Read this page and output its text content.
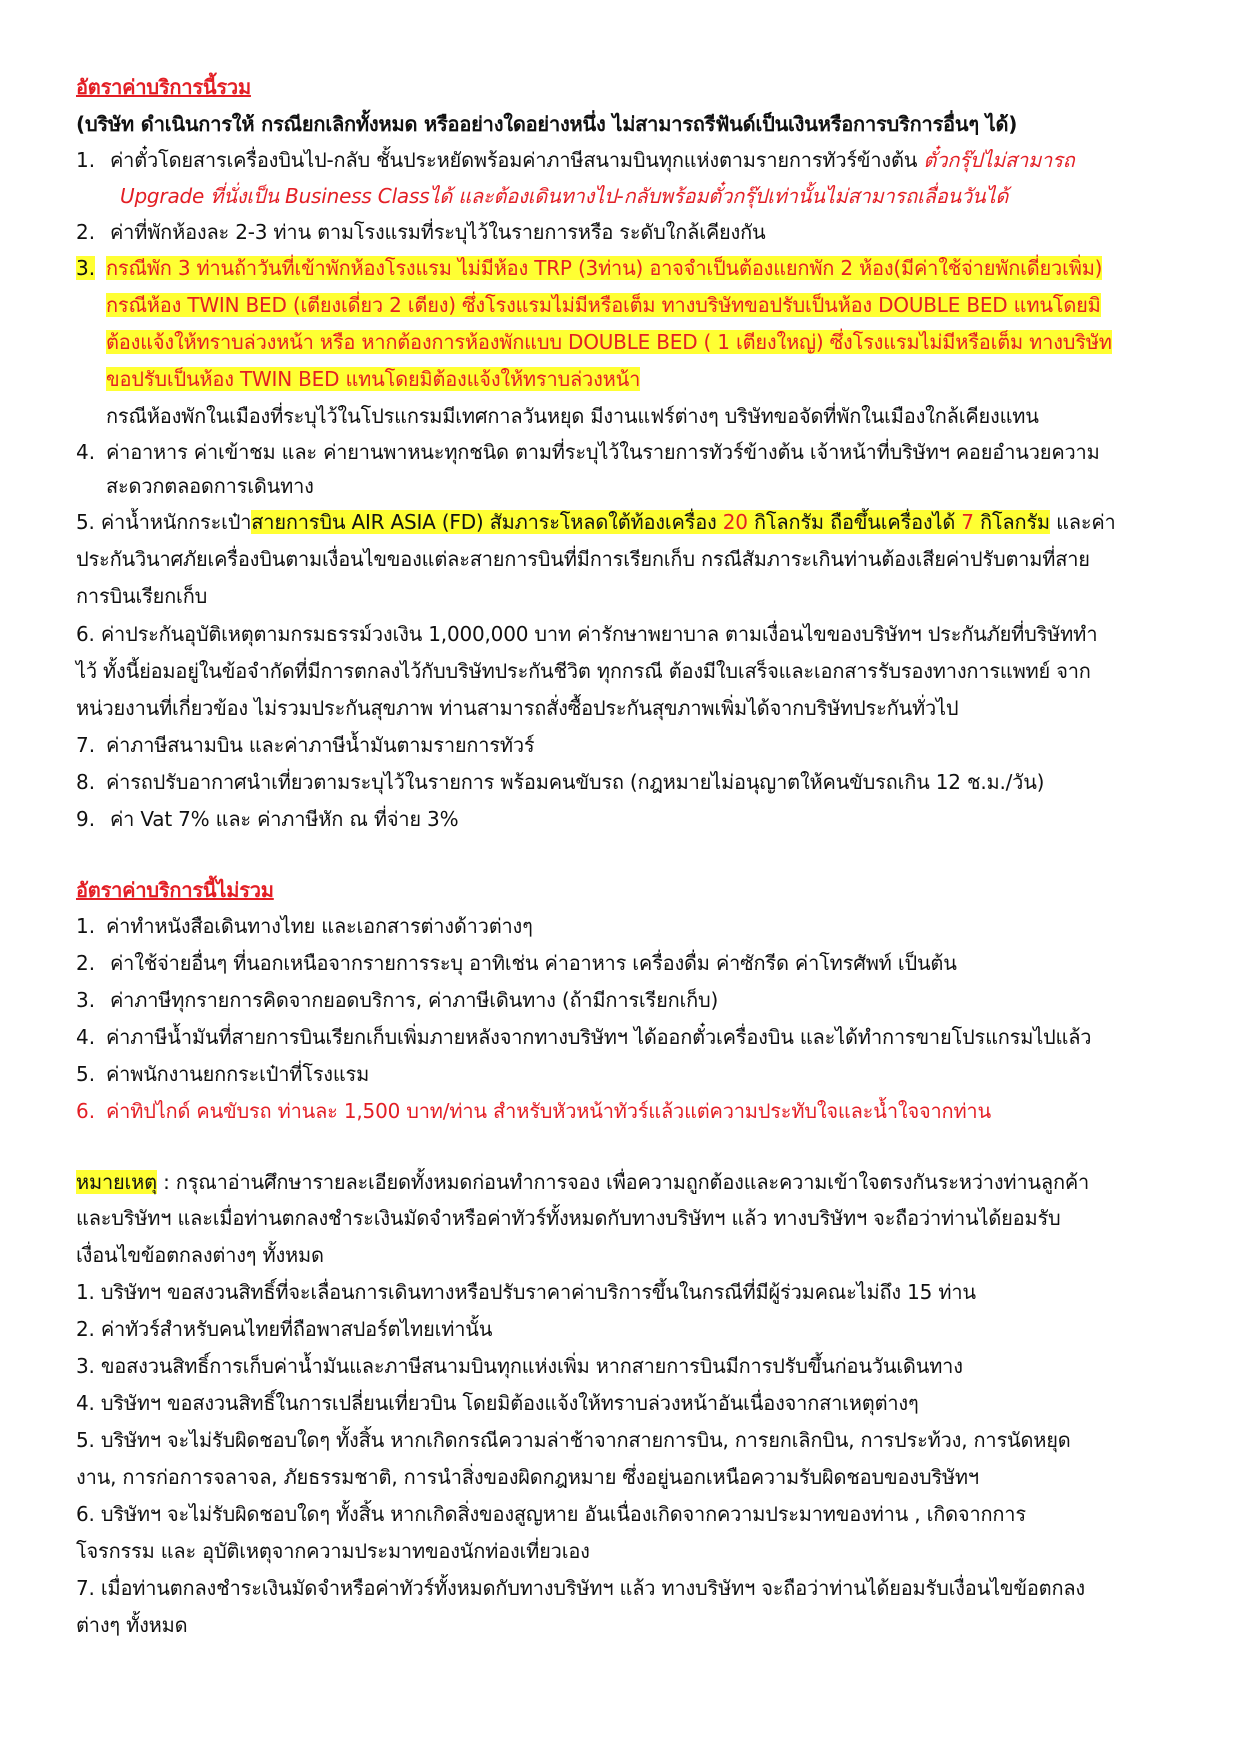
อัตราค่าบริการนี้รวม
(บริษัท ดำเนินการให้ กรณียกเลิกทั้งหมด หรืออย่างใดอย่างหนึ่ง ไม่สามารถรีฟันด์เป็นเงินหรือการบริการอื่นๆ ได้)
1. ค่าตั๋วโดยสารเครื่องบินไป-กลับ ชั้นประหยัดพร้อมค่าภาษีสนามบินทุกแห่งตามรายการทัวร์ข้างต้น ตั๋วกรุ๊ปไม่สามารถ
Upgrade ที่นั่งเป็น Business Classได้ และต้องเดินทางไป-กลับพร้อมตั๋วกรุ๊ปเท่านั้นไม่สามารถเลื่อนวันได้
2. ค่าที่พักห้องละ 2-3 ท่าน ตามโรงแรมที่ระบุไว้ในรายการหรือ ระดับใกล้เคียงกัน
3. กรณีพัก 3 ท่านถ้าวันที่เข้าพักห้องโรงแรม ไม่มีห้อง TRP (3ท่าน) อาจจำเป็นต้องแยกพัก 2 ห้อง(มีค่าใช้จ่ายพักเดี่ยวเพิ่ม)
กรณีห้อง TWIN BED (เตียงเดี่ยว 2 เตียง) ซึ่งโรงแรมไม่มีหรือเต็ม ทางบริษัทขอปรับเป็นห้อง DOUBLE BED แทนโดยมิ
ต้องแจ้งให้ทราบล่วงหน้า หรือ หากต้องการห้องพักแบบ DOUBLE BED ( 1 เตียงใหญ่) ซึ่งโรงแรมไม่มีหรือเต็ม ทางบริษัท
ขอปรับเป็นห้อง TWIN BED แทนโดยมิต้องแจ้งให้ทราบล่วงหน้า
กรณีห้องพักในเมืองที่ระบุไว้ในโปรแกรมมีเทศกาลวันหยุด มีงานแฟร์ต่างๆ บริษัทขอจัดที่พักในเมืองใกล้เคียงแทน
4. ค่าอาหาร ค่าเข้าชม และ ค่ายานพาหนะทุกชนิด ตามที่ระบุไว้ในรายการทัวร์ข้างต้น เจ้าหน้าที่บริษัทฯ คอยอำนวยความ
สะดวกตลอดการเดินทาง
5. ค่าน้ำหนักกระเป๋าสายการบิน AIR ASIA (FD) สัมภาระโหลดใต้ท้องเครื่อง 20 กิโลกรัม ถือขึ้นเครื่องได้ 7 กิโลกรัม และค่า
ประกันวินาศภัยเครื่องบินตามเงื่อนไขของแต่ละสายการบินที่มีการเรียกเก็บ กรณีสัมภาระเกินท่านต้องเสียค่าปรับตามที่สาย
การบินเรียกเก็บ
6. ค่าประกันอุบัติเหตุตามกรมธรรม์วงเงิน 1,000,000 บาท ค่ารักษาพยาบาล ตามเงื่อนไขของบริษัทฯ ประกันภัยที่บริษัททำ
ไว้ ทั้งนี้ย่อมอยู่ในข้อจำกัดที่มีการตกลงไว้กับบริษัทประกันชีวิต ทุกกรณี ต้องมีใบเสร็จและเอกสารรับรองทางการแพทย์ จาก
หน่วยงานที่เกี่ยวข้อง ไม่รวมประกันสุขภาพ ท่านสามารถสั่งซื้อประกันสุขภาพเพิ่มได้จากบริษัทประกันทั่วไป
7. ค่าภาษีสนามบิน และค่าภาษีน้ำมันตามรายการทัวร์
8. ค่ารถปรับอากาศนำเที่ยวตามระบุไว้ในรายการ พร้อมคนขับรถ (กฎหมายไม่อนุญาตให้คนขับรถเกิน 12 ช.ม./วัน)
9. ค่า Vat 7% และ ค่าภาษีหัก ณ ที่จ่าย 3%
อัตราค่าบริการนี้ไม่รวม
1. ค่าทำหนังสือเดินทางไทย และเอกสารต่างด้าวต่างๆ
2. ค่าใช้จ่ายอื่นๆ ที่นอกเหนือจากรายการระบุ อาทิเช่น ค่าอาหาร เครื่องดื่ม ค่าซักรีด ค่าโทรศัพท์ เป็นต้น
3. ค่าภาษีทุกรายการคิดจากยอดบริการ, ค่าภาษีเดินทาง (ถ้ามีการเรียกเก็บ)
4. ค่าภาษีน้ำมันที่สายการบินเรียกเก็บเพิ่มภายหลังจากทางบริษัทฯ ได้ออกตั๋วเครื่องบิน และได้ทำการขายโปรแกรมไปแล้ว
5. ค่าพนักงานยกกระเป๋าที่โรงแรม
6. ค่าทิปไกด์ คนขับรถ ท่านละ 1,500 บาท/ท่าน สำหรับหัวหน้าทัวร์แล้วแต่ความประทับใจและน้ำใจจากท่าน
หมายเหตุ : กรุณาอ่านศึกษารายละเอียดทั้งหมดก่อนทำการจอง เพื่อความถูกต้องและความเข้าใจตรงกันระหว่างท่านลูกค้า
และบริษัทฯ และเมื่อท่านตกลงชำระเงินมัดจำหรือค่าทัวร์ทั้งหมดกับทางบริษัทฯ แล้ว ทางบริษัทฯ จะถือว่าท่านได้ยอมรับ
เงื่อนไขข้อตกลงต่างๆ ทั้งหมด
1. บริษัทฯ ขอสงวนสิทธิ์ที่จะเลื่อนการเดินทางหรือปรับราคาค่าบริการขึ้นในกรณีที่มีผู้ร่วมคณะไม่ถึง 15 ท่าน
2. ค่าทัวร์สำหรับคนไทยที่ถือพาสปอร์ตไทยเท่านั้น
3. ขอสงวนสิทธิ์การเก็บค่าน้ำมันและภาษีสนามบินทุกแห่งเพิ่ม หากสายการบินมีการปรับขึ้นก่อนวันเดินทาง
4. บริษัทฯ ขอสงวนสิทธิ์ในการเปลี่ยนเที่ยวบิน โดยมิต้องแจ้งให้ทราบล่วงหน้าอันเนื่องจากสาเหตุต่างๆ
5. บริษัทฯ จะไม่รับผิดชอบใดๆ ทั้งสิ้น หากเกิดกรณีความล่าช้าจากสายการบิน, การยกเลิกบิน, การประท้วง, การนัดหยุด
งาน, การก่อการจลาจล, ภัยธรรมชาติ, การนำสิ่งของผิดกฎหมาย ซึ่งอยู่นอกเหนือความรับผิดชอบของบริษัทฯ
6. บริษัทฯ จะไม่รับผิดชอบใดๆ ทั้งสิ้น หากเกิดสิ่งของสูญหาย อันเนื่องเกิดจากความประมาทของท่าน , เกิดจากการ
โจรกรรม และ อุบัติเหตุจากความประมาทของนักท่องเที่ยวเอง
7. เมื่อท่านตกลงชำระเงินมัดจำหรือค่าทัวร์ทั้งหมดกับทางบริษัทฯ แล้ว ทางบริษัทฯ จะถือว่าท่านได้ยอมรับเงื่อนไขข้อตกลง
ต่างๆ ทั้งหมด
